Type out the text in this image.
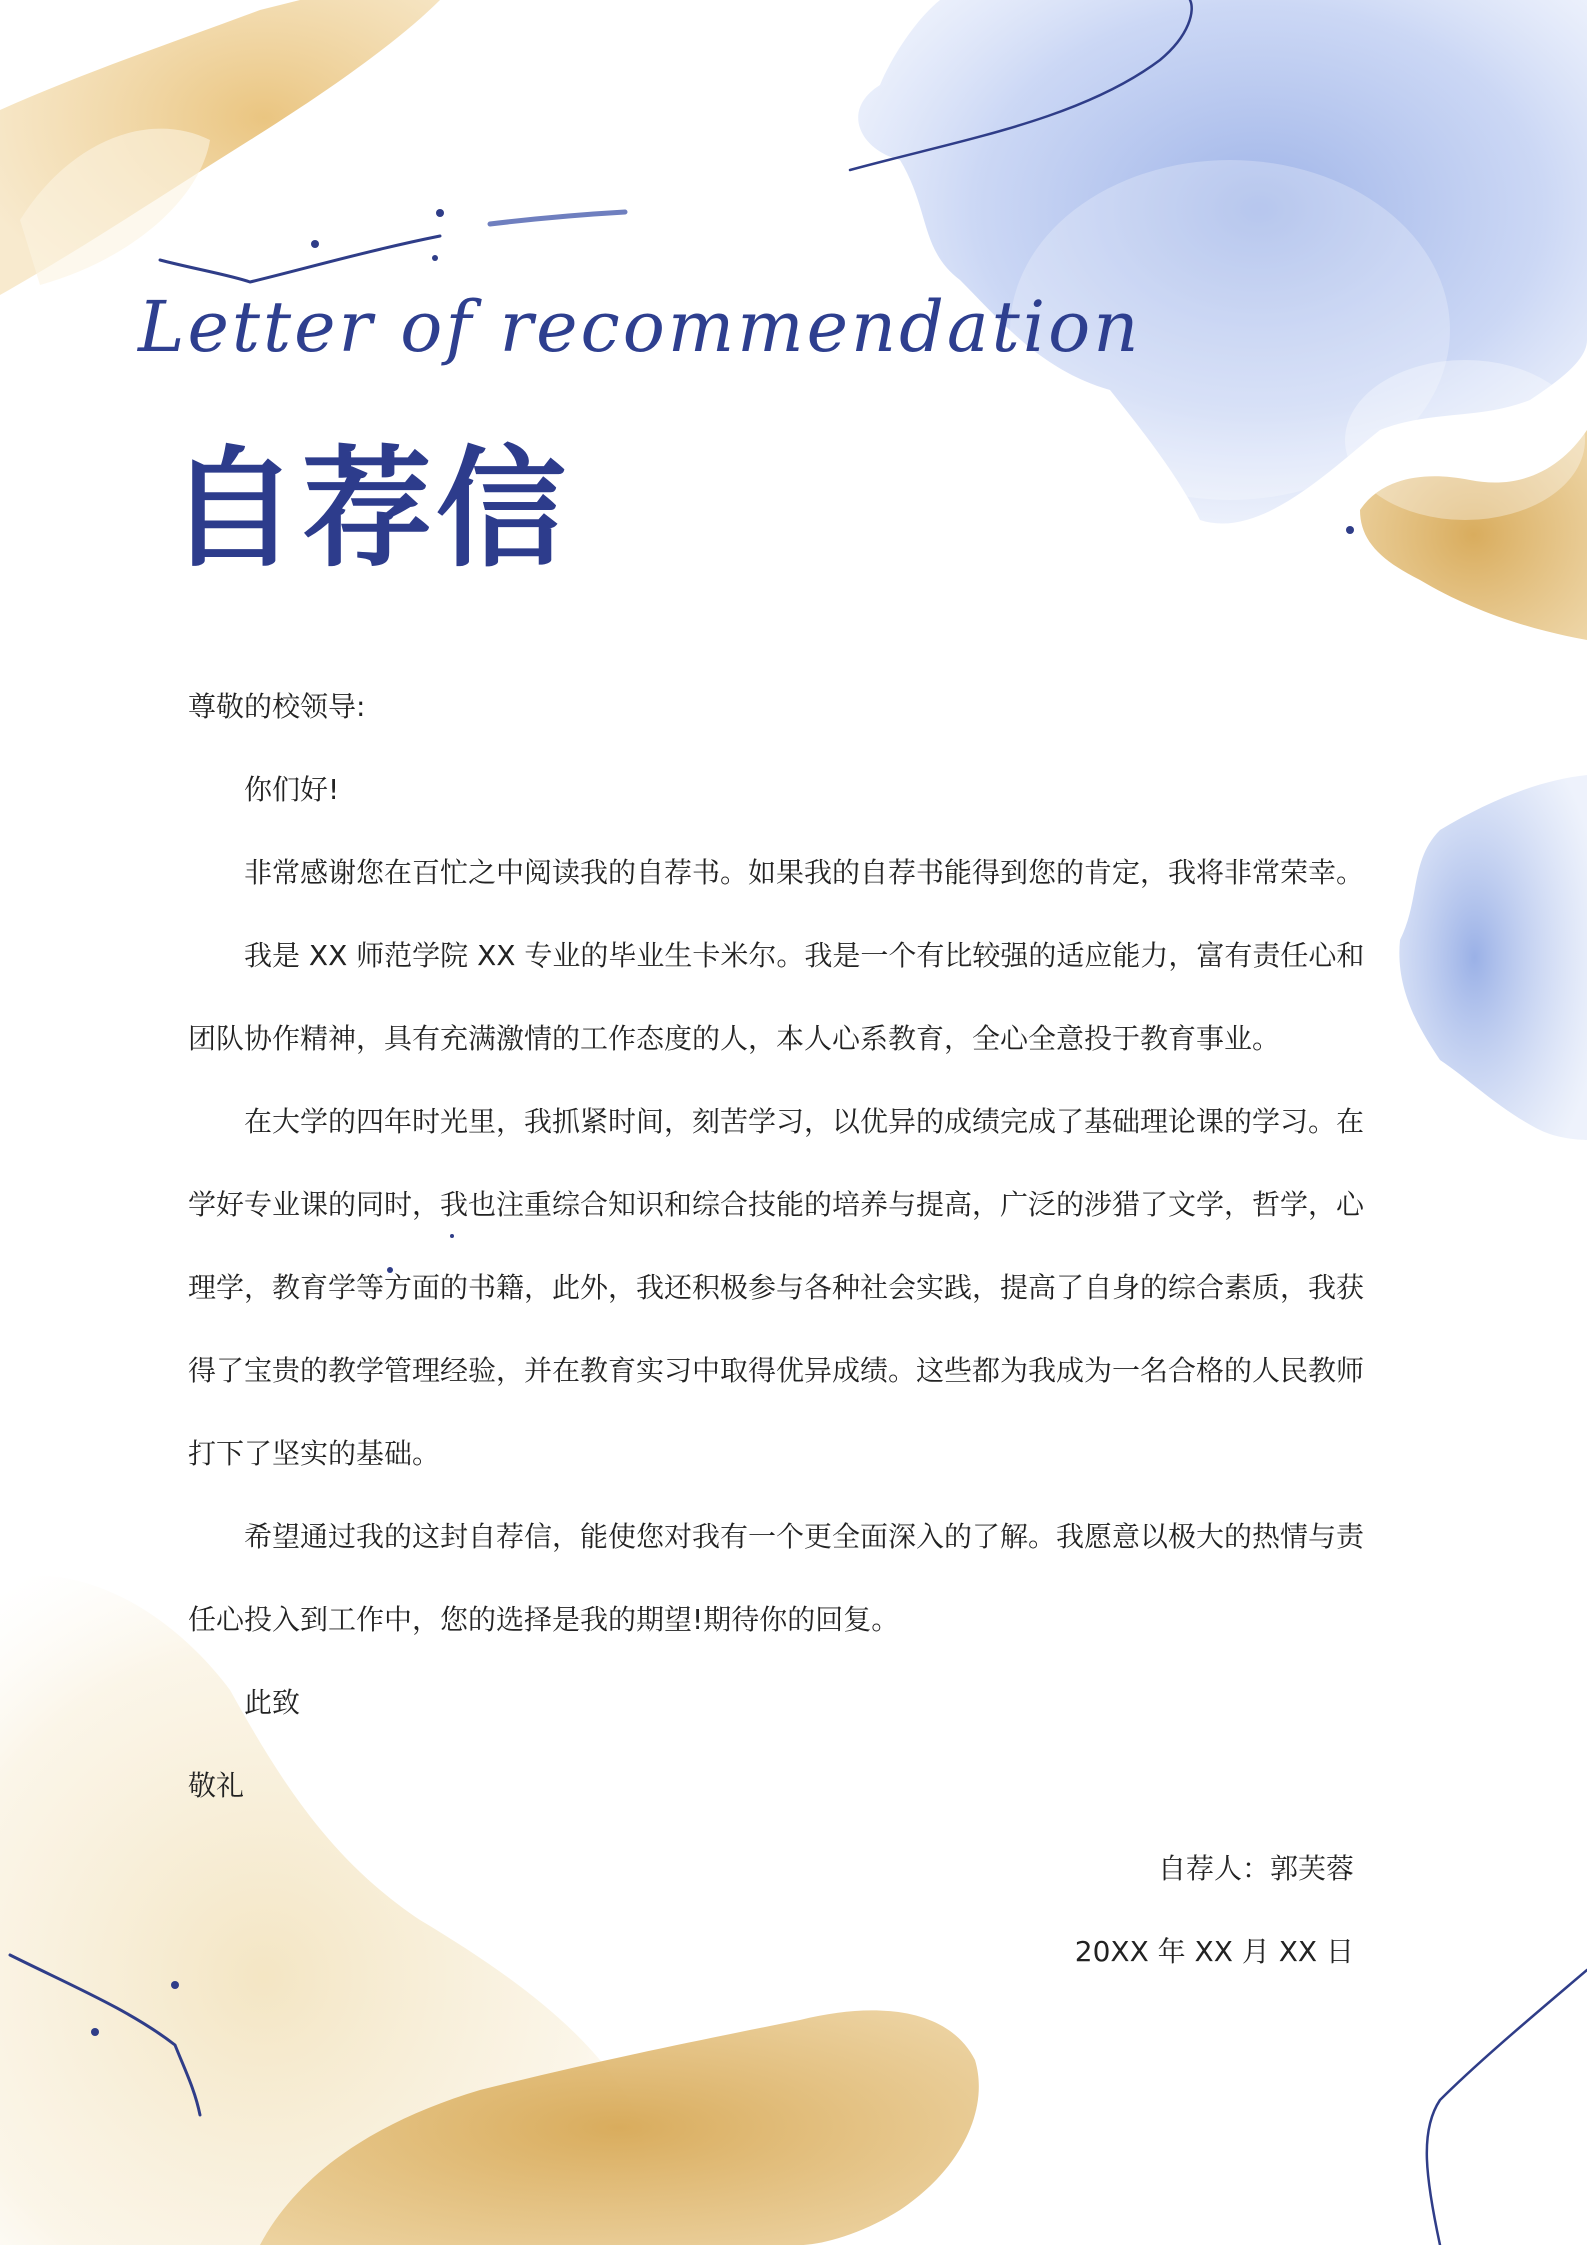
Letter of recommendation
自荐信
尊敬的校领导:
你们好!
非常感谢您在百忙之中阅读我的自荐书。如果我的自荐书能得到您的肯定，我将非常荣幸。
我是 XX 师范学院 XX 专业的毕业生卡米尔。我是一个有比较强的适应能力，富有责任心和
团队协作精神，具有充满激情的工作态度的人，本人心系教育，全心全意投于教育事业。
在大学的四年时光里，我抓紧时间，刻苦学习，以优异的成绩完成了基础理论课的学习。在
学好专业课的同时，我也注重综合知识和综合技能的培养与提高，广泛的涉猎了文学，哲学，心
理学，教育学等方面的书籍，此外，我还积极参与各种社会实践，提高了自身的综合素质，我获
得了宝贵的教学管理经验，并在教育实习中取得优异成绩。这些都为我成为一名合格的人民教师
打下了坚实的基础。
希望通过我的这封自荐信，能使您对我有一个更全面深入的了解。我愿意以极大的热情与责
任心投入到工作中，您的选择是我的期望!期待你的回复。
此致
敬礼
自荐人：郭芙蓉
20XX 年 XX 月 XX 日
